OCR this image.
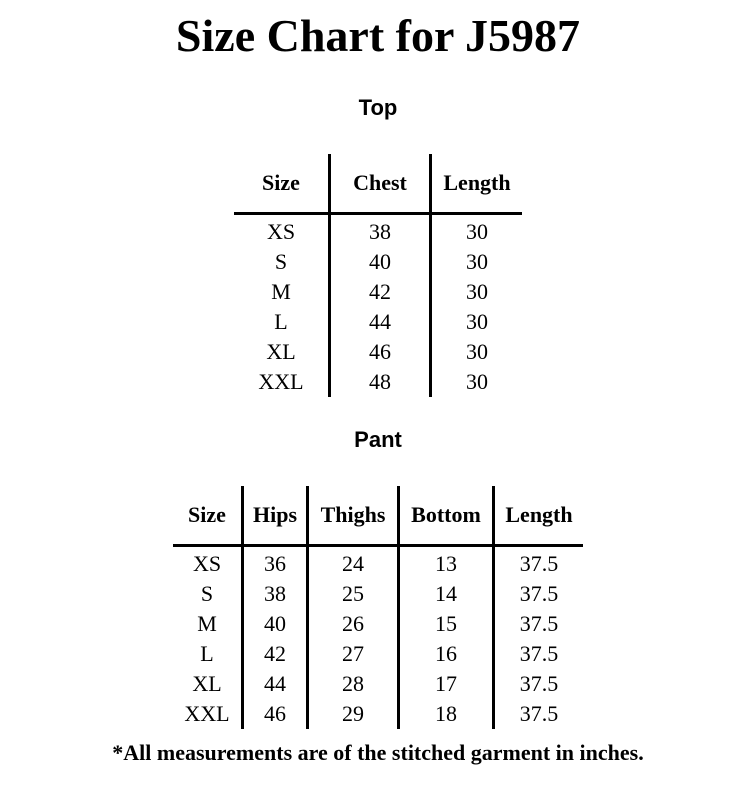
Size Chart for J5987
Top
Size	Chest	Length
XS	38	30
S	40	30
M	42	30
L	44	30
XL	46	30
XXL	48	30
Pant
Size	Hips	Thighs	Bottom	Length
XS	36	24	13	37.5
S	38	25	14	37.5
M	40	26	15	37.5
L	42	27	16	37.5
XL	44	28	17	37.5
XXL	46	29	18	37.5
*All measurements are of the stitched garment in inches.
